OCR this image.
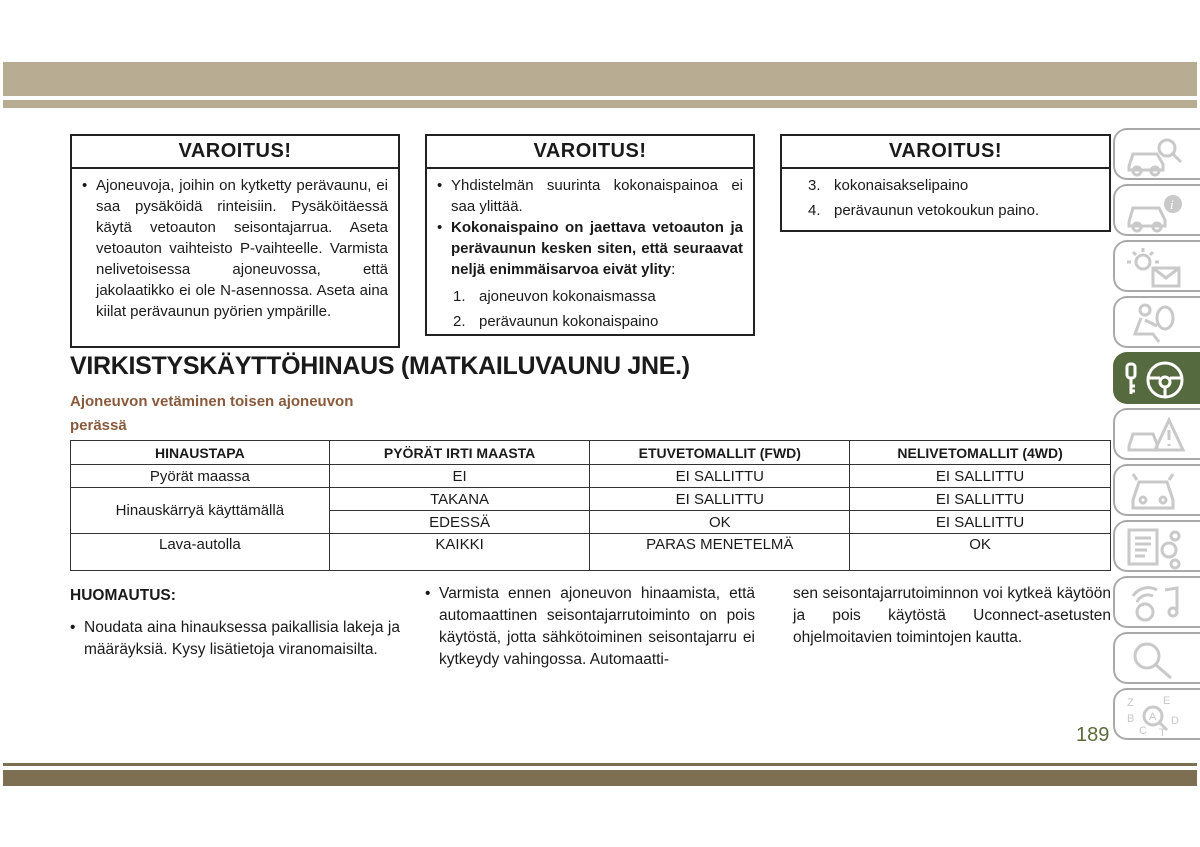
VAROITUS!
• Ajoneuvoja, joihin on kytketty perävaunu, ei saa pysäköidä rinteisiin. Pysäköitäessä käytä vetoauton seisontajarrua. Aseta vetoauton vaihteisto P-vaihteelle. Varmista nelivetoisessa ajoneuvossa, että jakolaatikko ei ole N-asennossa. Aseta aina kiilat perävaunun pyörien ympärille.
VAROITUS!
• Yhdistelmän suurinta kokonaispainoa ei saa ylittää.
• Kokonaispaino on jaettava vetoauton ja perävaunun kesken siten, että seuraavat neljä enimmäisarvoa eivät ylity:
1. ajoneuvon kokonaismassa
2. perävaunun kokonaispaino
VAROITUS!
3. kokonaisakselipaino
4. perävaunun vetokoukun paino.
VIRKISTYSKÄYTTÖHINAUS (MATKAILUVAUNU JNE.)
Ajoneuvon vetäminen toisen ajoneuvon perässä
HINAUSTAPA	PYÖRÄT IRTI MAASTA	ETUVETOMALLIT (FWD)	NELIVETOMALLIT (4WD)
Pyörät maassa	EI	EI SALLITTU	EI SALLITTU
Hinauskärryä käyttämällä	TAKANA	EI SALLITTU	EI SALLITTU
	EDESSÄ	OK	EI SALLITTU
Lava-autolla	KAIKKI	PARAS MENETELMÄ	OK
HUOMAUTUS:
• Noudata aina hinauksessa paikallisia lakeja ja määräyksiä. Kysy lisätietoja viranomaisilta.
• Varmista ennen ajoneuvon hinaamista, että automaattinen seisontajarrutoiminto on pois käytöstä, jotta sähkötoiminen seisontajarru ei kytkeydy vahingossa. Automaatti-
sen seisontajarrutoiminnon voi kytkeä käytöön ja pois käytöstä Uconnect-asetusten ohjelmoitavien toimintojen kautta.
i
Z	E
B	D
C T
A
189
